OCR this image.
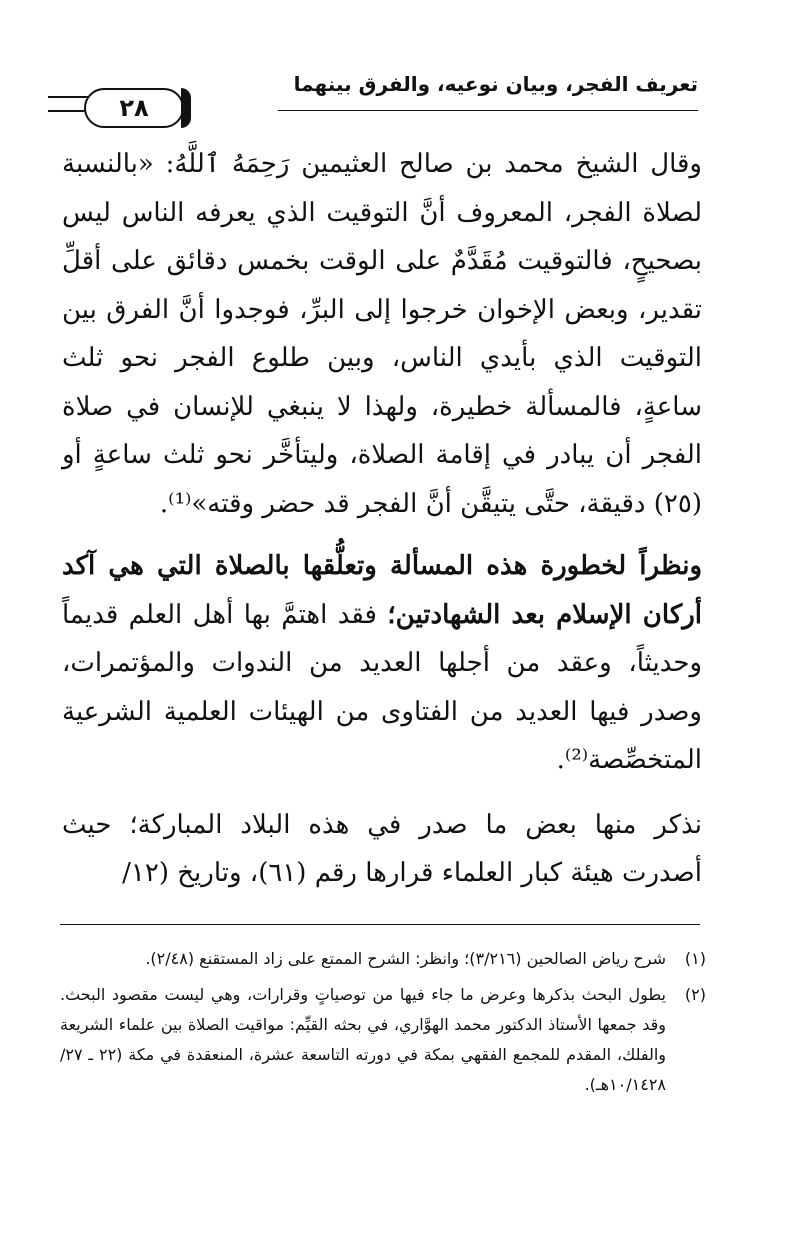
٢٨
تعريف الفجر، وبيان نوعيه، والفرق بينهما

وقال الشيخ محمد بن صالح العثيمين رَحِمَهُ ٱللَّهُ: «بالنسبة لصلاة الفجر، المعروف أنَّ التوقيت الذي يعرفه الناس ليس بصحيحٍ، فالتوقيت مُقَدَّمٌ على الوقت بخمس دقائق على أقلِّ تقدير، وبعض الإخوان خرجوا إلى البرِّ، فوجدوا أنَّ الفرق بين التوقيت الذي بأيدي الناس، وبين طلوع الفجر نحو ثلث ساعةٍ، فالمسألة خطيرة، ولهذا لا ينبغي للإنسان في صلاة الفجر أن يبادر في إقامة الصلاة، وليتأخَّر نحو ثلث ساعةٍ أو (٢٥) دقيقة، حتَّى يتيقَّن أنَّ الفجر قد حضر وقته»⁽¹⁾.

ونظراً لخطورة هذه المسألة وتعلُّقها بالصلاة التي هي آكد أركان الإسلام بعد الشهادتين؛ فقد اهتمَّ بها أهل العلم قديماً وحديثاً، وعقد من أجلها العديد من الندوات والمؤتمرات، وصدر فيها العديد من الفتاوى من الهيئات العلمية الشرعية المتخصِّصة⁽²⁾.

نذكر منها بعض ما صدر في هذه البلاد المباركة؛ حيث أصدرت هيئة كبار العلماء قرارها رقم (٦١)، وتاريخ (١٢/

(١)
شرح رياض الصالحين (٣/٢١٦)؛ وانظر: الشرح الممتع على زاد المستقنع (٢/٤٨).
(٢)
يطول البحث بذكرها وعرض ما جاء فيها من توصياتٍ وقرارات، وهي ليست مقصود البحث. وقد جمعها الأستاذ الدكتور محمد الهوَّاري، في بحثه القيِّم: مواقيت الصلاة بين علماء الشريعة والفلك، المقدم للمجمع الفقهي بمكة في دورته التاسعة عشرة، المنعقدة في مكة (٢٢ ـ ٢٧/ ١٠/١٤٢٨هـ).
